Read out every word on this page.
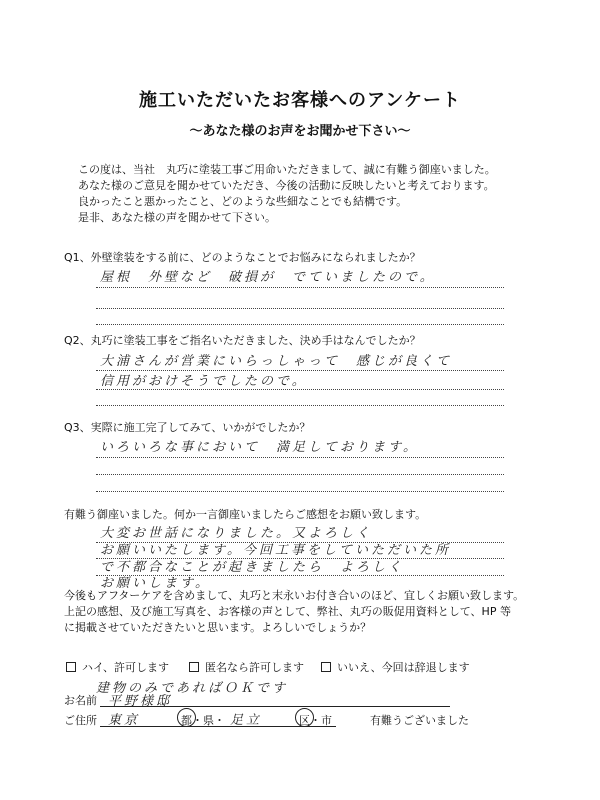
施工いただいたお客様へのアンケート
～あなた様のお声をお聞かせ下さい～
この度は、当社　丸巧に塗装工事ご用命いただきまして、誠に有難う御座いました。
あなた様のご意見を聞かせていただき、今後の活動に反映したいと考えております。
良かったこと悪かったこと、どのような些細なことでも結構です。
是非、あなた様の声を聞かせて下さい。
Q1、外壁塗装をする前に、どのようなことでお悩みになられましたか？
屋根　外壁など　破損が　でていましたので。
Q2、丸巧に塗装工事をご指名いただきました、決め手はなんでしたか？
大浦さんが営業にいらっしゃって　感じが良くて
信用がおけそうでしたので。
Q3、実際に施工完了してみて、いかがでしたか？
いろいろな事において　満足しております。
有難う御座いました。何か一言御座いましたらご感想をお願い致します。
大変お世話になりました。又よろしく
お願いいたします。今回工事をしていただいた所
で不都合なことが起きましたら　よろしく
お願いします。
今後もアフターケアを含めまして、丸巧と末永いお付き合いのほど、宜しくお願い致します。
上記の感想、及び施工写真を、お客様の声として、弊社、丸巧の販促用資料として、HP 等
に掲載させていただきたいと思います。よろしいでしょうか？
ハイ、許可します	匿名なら許可します	いいえ、今回は辞退します
建物のみであればＯＫです
お名前 平野様邸
ご住所 東京	都・県・ 足立	区・市	有難うございました
